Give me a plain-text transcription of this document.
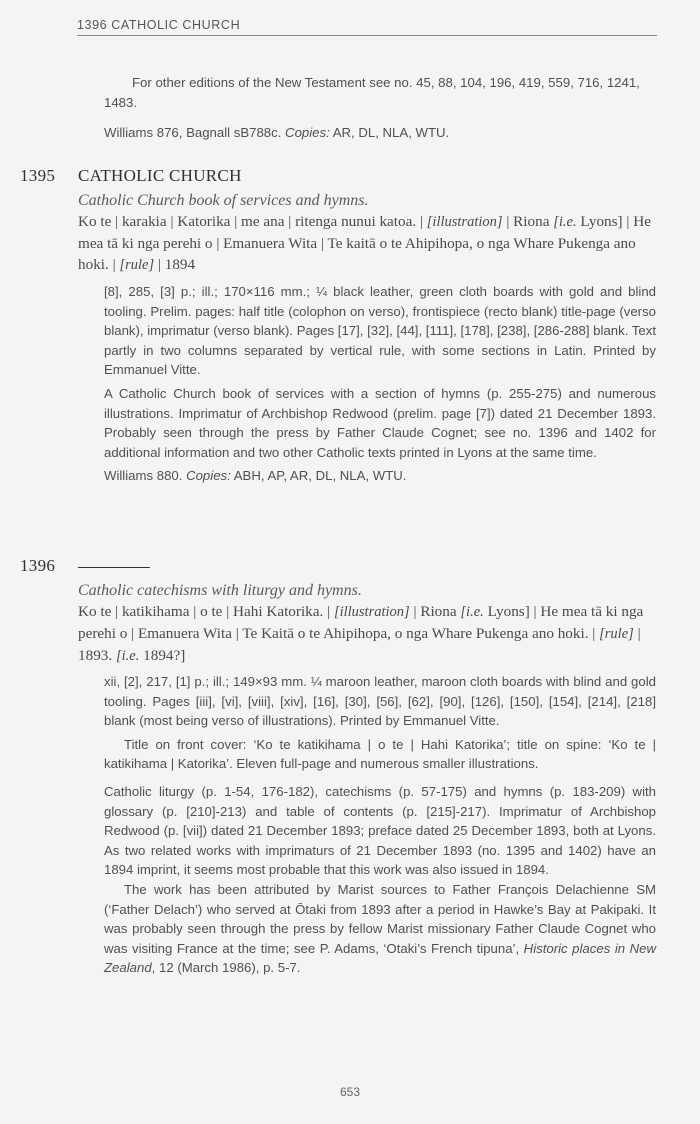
1396 CATHOLIC CHURCH

For other editions of the New Testament see no. 45, 88, 104, 196, 419, 559, 716, 1241, 1483.

Williams 876, Bagnall sB788c. Copies: AR, DL, NLA, WTU.

1395 CATHOLIC CHURCH
Catholic Church book of services and hymns.
Ko te | karakia | Katorika | me ana | ritenga nunui katoa. | [illustration] | Riona [i.e. Lyons] | He mea tā ki nga perehi o | Emanuera Wita | Te kaitā o te Ahipihopa, o nga Whare Pukenga ano hoki. | [rule] | 1894

[8], 285, [3] p.; ill.; 170×116 mm.; ¼ black leather, green cloth boards with gold and blind tooling. Prelim. pages: half title (colophon on verso), frontispiece (recto blank) title-page (verso blank), imprimatur (verso blank). Pages [17], [32], [44], [111], [178], [238], [286-288] blank. Text partly in two columns separated by vertical rule, with some sections in Latin. Printed by Emmanuel Vitte.

A Catholic Church book of services with a section of hymns (p. 255-275) and numerous illustrations. Imprimatur of Archbishop Redwood (prelim. page [7]) dated 21 December 1893. Probably seen through the press by Father Claude Cognet; see no. 1396 and 1402 for additional information and two other Catholic texts printed in Lyons at the same time.

Williams 880. Copies: ABH, AP, AR, DL, NLA, WTU.

1396
Catholic catechisms with liturgy and hymns.
Ko te | katikihama | o te | Hahi Katorika. | [illustration] | Riona [i.e. Lyons] | He mea tā ki nga perehi o | Emanuera Wita | Te Kaitā o te Ahipihopa, o nga Whare Pukenga ano hoki. | [rule] | 1893. [i.e. 1894?]

xii, [2], 217, [1] p.; ill.; 149×93 mm. ¼ maroon leather, maroon cloth boards with blind and gold tooling. Pages [iii], [vi], [viii], [xiv], [16], [30], [56], [62], [90], [126], [150], [154], [214], [218] blank (most being verso of illustrations). Printed by Emmanuel Vitte.

Title on front cover: ‘Ko te katikihama | o te | Hahi Katorika’; title on spine: ‘Ko te | katikihama | Katorika’. Eleven full-page and numerous smaller illustrations.

Catholic liturgy (p. 1-54, 176-182), catechisms (p. 57-175) and hymns (p. 183-209) with glossary (p. [210]-213) and table of contents (p. [215]-217). Imprimatur of Archbishop Redwood (p. [vii]) dated 21 December 1893; preface dated 25 December 1893, both at Lyons. As two related works with imprimaturs of 21 December 1893 (no. 1395 and 1402) have an 1894 imprint, it seems most probable that this work was also issued in 1894.

The work has been attributed by Marist sources to Father François Delachienne SM (‘Father Delach’) who served at Ōtaki from 1893 after a period in Hawke’s Bay at Pakipaki. It was probably seen through the press by fellow Marist missionary Father Claude Cognet who was visiting France at the time; see P. Adams, ‘Otaki’s French tipuna’, Historic places in New Zealand, 12 (March 1986), p. 5-7.

653
